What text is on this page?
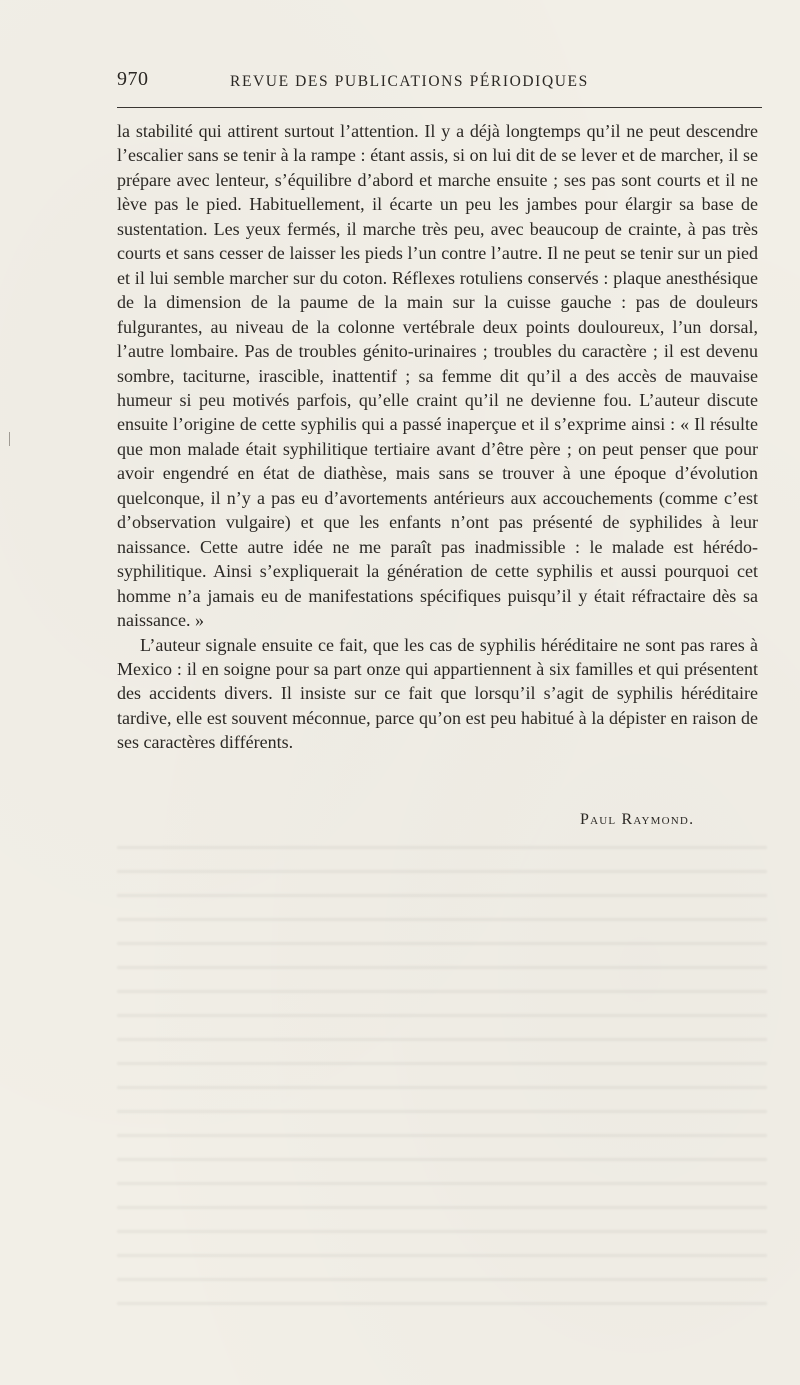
970	REVUE DES PUBLICATIONS PÉRIODIQUES

la stabilité qui attirent surtout l’attention. Il y a déjà longtemps qu’il ne peut descendre l’escalier sans se tenir à la rampe : étant assis, si on lui dit de se lever et de marcher, il se prépare avec lenteur, s’équilibre d’abord et marche ensuite ; ses pas sont courts et il ne lève pas le pied. Habituellement, il écarte un peu les jambes pour élargir sa base de sustentation. Les yeux fermés, il marche très peu, avec beaucoup de crainte, à pas très courts et sans cesser de laisser les pieds l’un contre l’autre. Il ne peut se tenir sur un pied et il lui semble marcher sur du coton. Réflexes rotuliens conservés : plaque anesthésique de la dimension de la paume de la main sur la cuisse gauche : pas de douleurs fulgurantes, au niveau de la colonne vertébrale deux points douloureux, l’un dorsal, l’autre lombaire. Pas de troubles génito-urinaires ; troubles du caractère ; il est devenu sombre, taciturne, irascible, inattentif ; sa femme dit qu’il a des accès de mauvaise humeur si peu motivés parfois, qu’elle craint qu’il ne devienne fou. L’auteur discute ensuite l’origine de cette syphilis qui a passé inaperçue et il s’exprime ainsi : « Il résulte que mon malade était syphilitique tertiaire avant d’être père ; on peut penser que pour avoir engendré en état de diathèse, mais sans se trouver à une époque d’évolution quelconque, il n’y a pas eu d’avortements antérieurs aux accouchements (comme c’est d’observation vulgaire) et que les enfants n’ont pas présenté de syphilides à leur naissance. Cette autre idée ne me paraît pas inadmissible : le malade est hérédo-syphilitique. Ainsi s’expliquerait la génération de cette syphilis et aussi pourquoi cet homme n’a jamais eu de manifestations spécifiques puisqu’il y était réfractaire dès sa naissance. »

L’auteur signale ensuite ce fait, que les cas de syphilis héréditaire ne sont pas rares à Mexico : il en soigne pour sa part onze qui appartiennent à six familles et qui présentent des accidents divers. Il insiste sur ce fait que lorsqu’il s’agit de syphilis héréditaire tardive, elle est souvent méconnue, parce qu’on est peu habitué à la dépister en raison de ses caractères différents.

Paul Raymond.
